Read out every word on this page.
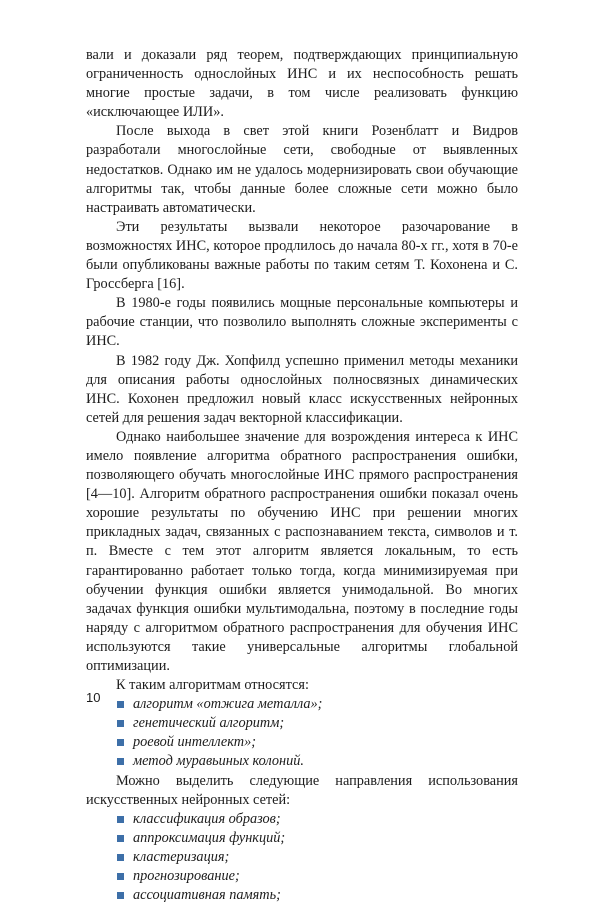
вали и доказали ряд теорем, подтверждающих принципиальную ограниченность однослойных ИНС и их неспособность решать многие простые задачи, в том числе реализовать функцию «исключающее ИЛИ».

После выхода в свет этой книги Розенблатт и Видров разработали многослойные сети, свободные от выявленных недостатков. Однако им не удалось модернизировать свои обучающие алгоритмы так, чтобы данные более сложные сети можно было настраивать автоматически.

Эти результаты вызвали некоторое разочарование в возможностях ИНС, которое продлилось до начала 80-х гг., хотя в 70-е были опубликованы важные работы по таким сетям Т. Кохонена и С. Гроссберга [16].

В 1980-е годы появились мощные персональные компьютеры и рабочие станции, что позволило выполнять сложные эксперименты с ИНС.

В 1982 году Дж. Хопфилд успешно применил методы механики для описания работы однослойных полносвязных динамических ИНС. Кохонен предложил новый класс искусственных нейронных сетей для решения задач векторной классификации.

Однако наибольшее значение для возрождения интереса к ИНС имело появление алгоритма обратного распространения ошибки, позволяющего обучать многослойные ИНС прямого распространения [4—10]. Алгоритм обратного распространения ошибки показал очень хорошие результаты по обучению ИНС при решении многих прикладных задач, связанных с распознаванием текста, символов и т. п. Вместе с тем этот алгоритм является локальным, то есть гарантированно работает только тогда, когда минимизируемая при обучении функция ошибки является унимодальной. Во многих задачах функция ошибки мультимодальна, поэтому в последние годы наряду с алгоритмом обратного распространения для обучения ИНС используются такие универсальные алгоритмы глобальной оптимизации.

К таким алгоритмам относятся:

алгоритм «отжига металла»;
генетический алгоритм;
роевой интеллект»;
метод муравьиных колоний.

Можно выделить следующие направления использования искусственных нейронных сетей:

классификация образов;
аппроксимация функций;
кластеризация;
прогнозирование;
ассоциативная память;
10
